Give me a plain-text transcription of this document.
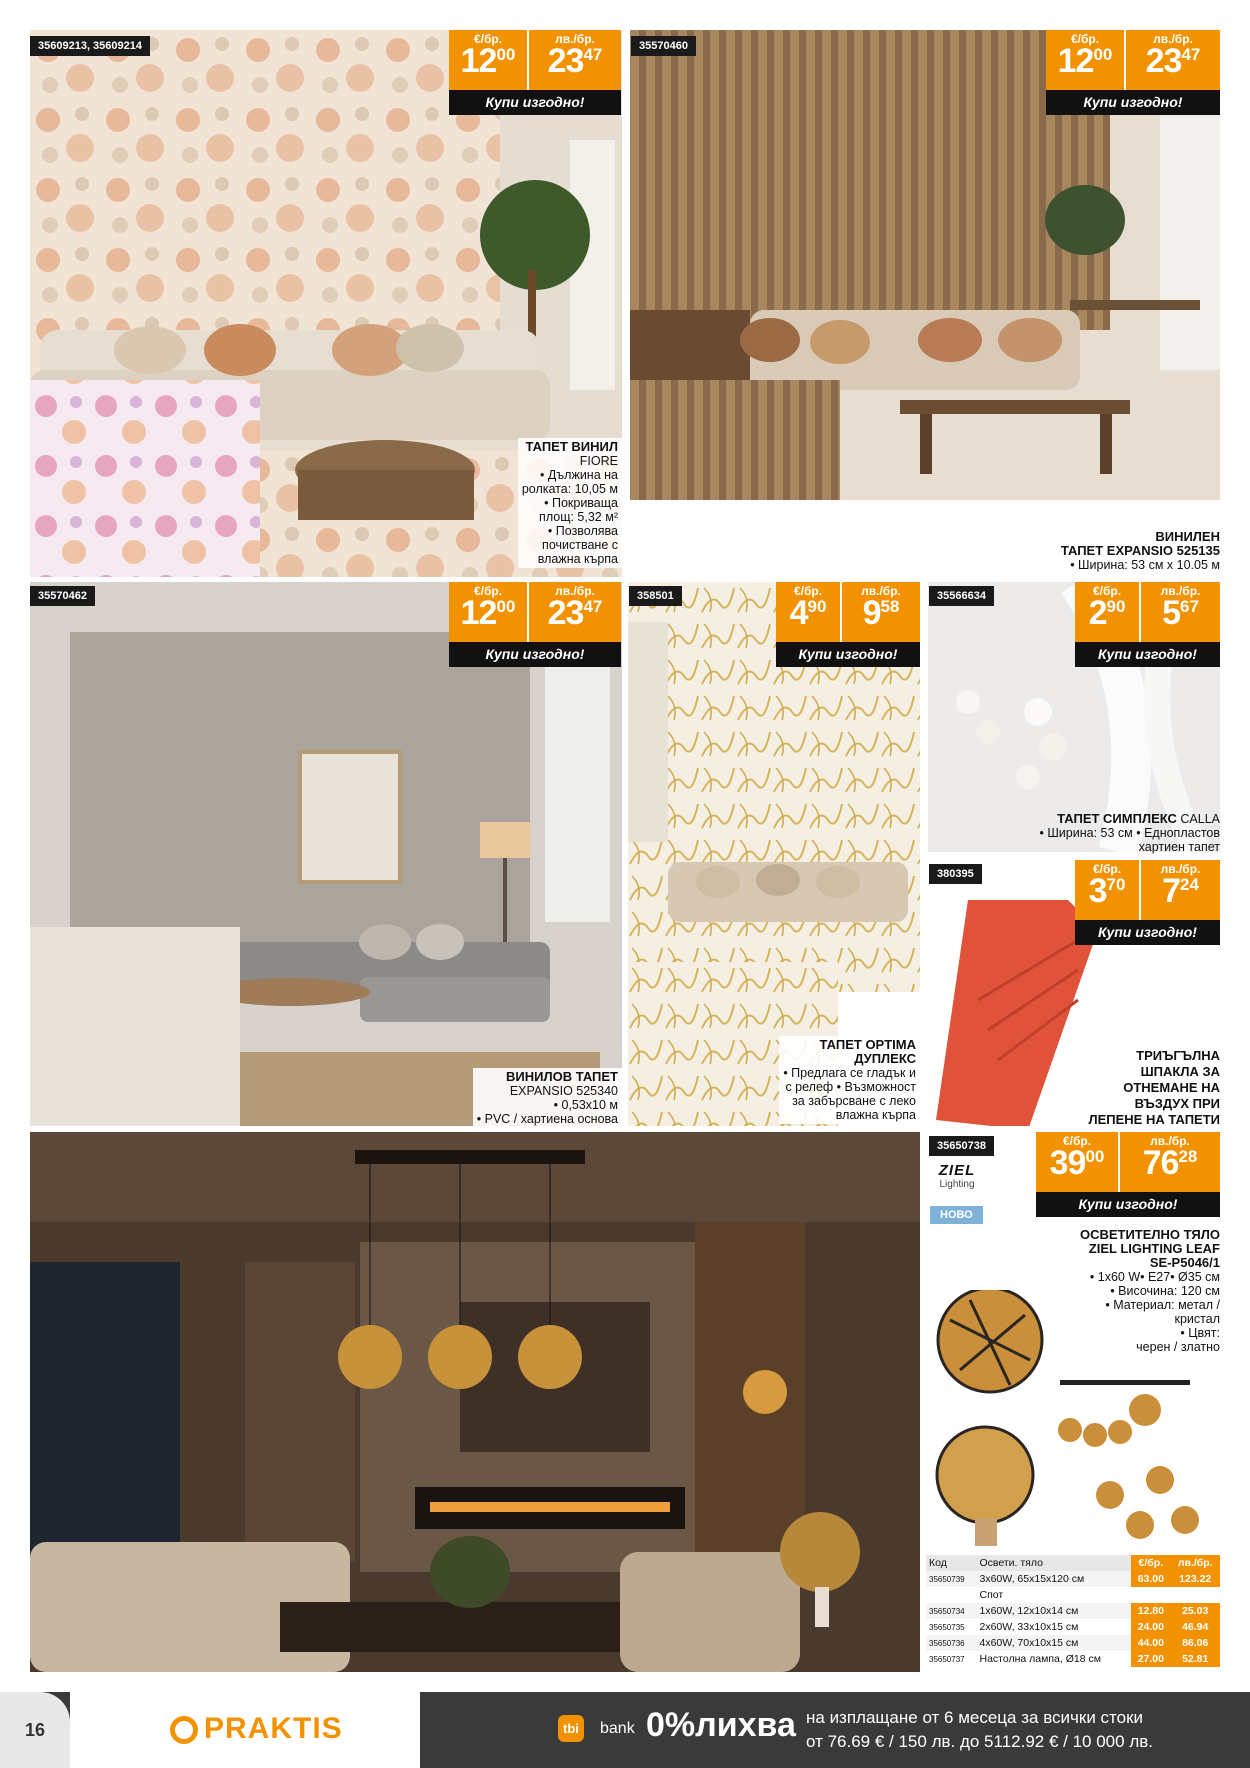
35609213, 35609214	€/бр.
$12^{00}$
лв./бр.
$23^{47}$
Купи изгодно!
ТАПЕТ ВИНИЛ
FIORE
• Дължина на
ролката: 10,05 м
• Покриваща
площ: 5,32 м²
• Позволява
почистване с
влажна кърпа
35570460	€/бр.
$12^{00}$
лв./бр.
$23^{47}$
Купи изгодно!
ВИНИЛЕН
ТАПЕТ EXPANSIO 525135
• Ширина: 53 см х 10.05 м
35570462	€/бр.
$12^{00}$
лв./бр.
$23^{47}$
Купи изгодно!
ВИНИЛОВ ТАПЕТ
EXPANSIO 525340
• 0,53x10 м
• PVC / хартиена основа
358501	€/бр.
$4^{90}$
лв./бр.
$9^{58}$
Купи изгодно!
ТАПЕТ OPTIMA
ДУПЛЕКС
• Предлага се гладък и
с релеф • Възможност
за забърсване с леко
влажна кърпа
35566634	€/бр.
$2^{90}$
лв./бр.
$5^{67}$
Купи изгодно!
ТАПЕТ СИМПЛЕКС CALLA
• Ширина: 53 см • Еднопластов
хартиен тапет
380395	€/бр.
$3^{70}$
лв./бр.
$7^{24}$
Купи изгодно!
ТРИЪГЪЛНА
ШПАКЛА ЗА
ОТНЕМАНЕ НА
ВЪЗДУХ ПРИ
ЛЕПЕНЕ НА ТАПЕТИ
35650738
ZIEL
Lighting
НОВО
€/бр.
$39^{00}$
лв./бр.
$76^{28}$
Купи изгодно!
ОСВЕТИТЕЛНО ТЯЛО
ZIEL LIGHTING LEAF
SE-P5046/1
• 1x60 W• E27• Ø35 см
• Височина: 120 см
• Материал: метал /
кристал
• Цвят:
черен / златно
Код	Освети. тяло	€/бр.	лв./бр.
35650739	3x60W, 65x15x120 см	63.00	123.22
	Спот		
35650734	1x60W, 12x10x14 см	12.80	25.03
35650735	2x60W, 33x10x15 см	24.00	46.94
35650736	4x60W, 70x10x15 см	44.00	86.06
35650737	Настолна лампа, Ø18 см	27.00	52.81
16	PRAKTIS	tbi	bank 0%лихва на изплащане от 6 месеца за всички стоки
от 76.69 € / 150 лв. до 5112.92 € / 10 000 лв.
